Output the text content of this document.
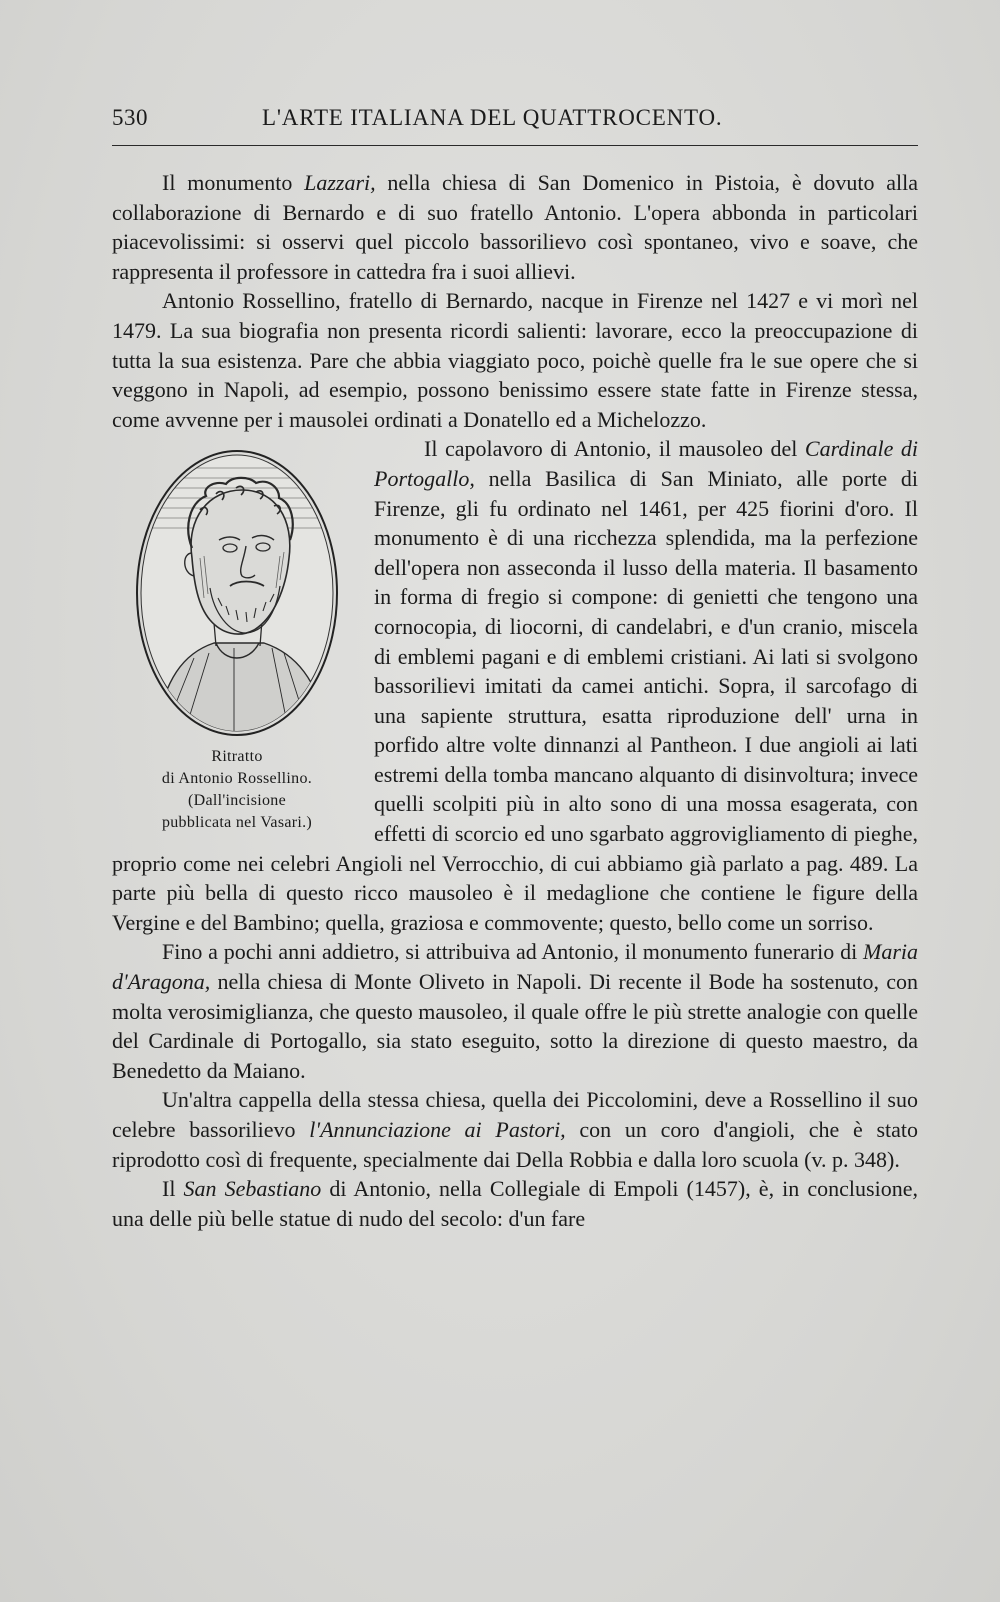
530	L'ARTE ITALIANA DEL QUATTROCENTO.

Il monumento Lazzari, nella chiesa di San Domenico in Pistoia, è dovuto alla collaborazione di Bernardo e di suo fratello Antonio. L'opera abbonda in particolari piacevolissimi: si osservi quel piccolo bassorilievo così spontaneo, vivo e soave, che rappresenta il professore in cattedra fra i suoi allievi.

Antonio Rossellino, fratello di Bernardo, nacque in Firenze nel 1427 e vi morì nel 1479. La sua biografia non presenta ricordi salienti: lavorare, ecco la preoccupazione di tutta la sua esistenza. Pare che abbia viaggiato poco, poichè quelle fra le sue opere che si veggono in Napoli, ad esempio, possono benissimo essere state fatte in Firenze stessa, come avvenne per i mausolei ordinati a Donatello ed a Michelozzo.

Ritratto
di Antonio Rossellino.
(Dall'incisione
pubblicata nel Vasari.)

Il capolavoro di Antonio, il mausoleo del Cardinale di Portogallo, nella Basilica di San Miniato, alle porte di Firenze, gli fu ordinato nel 1461, per 425 fiorini d'oro. Il monumento è di una ricchezza splendida, ma la perfezione dell'opera non asseconda il lusso della materia. Il basamento in forma di fregio si compone: di genietti che tengono una cornocopia, di liocorni, di candelabri, e d'un cranio, miscela di emblemi pagani e di emblemi cristiani. Ai lati si svolgono bassorilievi imitati da camei antichi. Sopra, il sarcofago di una sapiente struttura, esatta riproduzione dell' urna in porfido altre volte dinnanzi al Pantheon. I due angioli ai lati estremi della tomba mancano alquanto di disinvoltura; invece quelli scolpiti più in alto sono di una mossa esagerata, con effetti di scorcio ed uno sgarbato aggrovigliamento di pieghe, proprio come nei celebri Angioli nel Verrocchio, di cui abbiamo già parlato a pag. 489. La parte più bella di questo ricco mausoleo è il medaglione che contiene le figure della Vergine e del Bambino; quella, graziosa e commovente; questo, bello come un sorriso.

Fino a pochi anni addietro, si attribuiva ad Antonio, il monumento funerario di Maria d'Aragona, nella chiesa di Monte Oliveto in Napoli. Di recente il Bode ha sostenuto, con molta verosimiglianza, che questo mausoleo, il quale offre le più strette analogie con quelle del Cardinale di Portogallo, sia stato eseguito, sotto la direzione di questo maestro, da Benedetto da Maiano.

Un'altra cappella della stessa chiesa, quella dei Piccolomini, deve a Rossellino il suo celebre bassorilievo l'Annunciazione ai Pastori, con un coro d'angioli, che è stato riprodotto così di frequente, specialmente dai Della Robbia e dalla loro scuola (v. p. 348).

Il San Sebastiano di Antonio, nella Collegiale di Empoli (1457), è, in conclusione, una delle più belle statue di nudo del secolo: d'un fare
